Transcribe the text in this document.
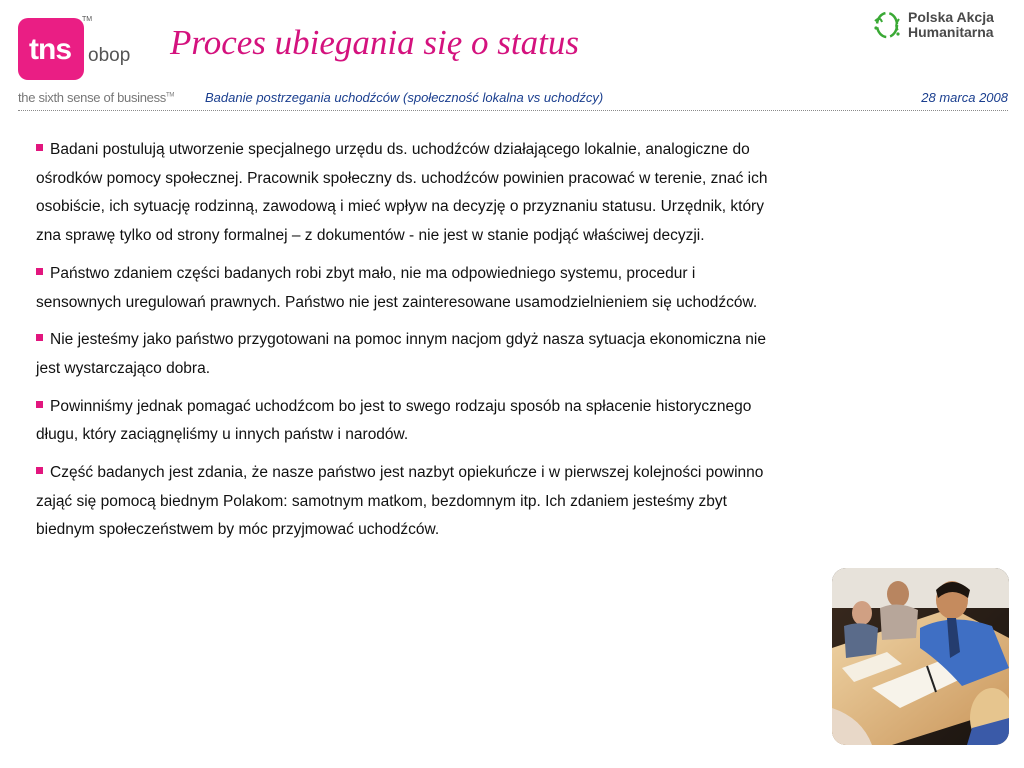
tns
TM
obop
the sixth sense of business™
Proces ubiegania się o status
Polska Akcja
Humanitarna
Badanie postrzegania uchodźców (społeczność lokalna vs uchodźcy)	28 marca 2008

Badani postulują utworzenie specjalnego urzędu ds. uchodźców działającego lokalnie, analogiczne do ośrodków pomocy społecznej. Pracownik społeczny ds. uchodźców powinien pracować w terenie, znać ich osobiście, ich sytuację rodzinną, zawodową i mieć wpływ na decyzję o przyznaniu statusu. Urzędnik, który zna sprawę tylko od strony formalnej – z dokumentów - nie jest w stanie podjąć właściwej decyzji.

Państwo zdaniem części badanych robi zbyt mało, nie ma odpowiedniego systemu, procedur i sensownych uregulowań prawnych. Państwo nie jest zainteresowane usamodzielnieniem się uchodźców.

Nie jesteśmy jako państwo przygotowani na pomoc innym nacjom gdyż nasza sytuacja ekonomiczna nie jest wystarczająco dobra.

Powinniśmy jednak pomagać uchodźcom bo jest to swego rodzaju sposób na spłacenie historycznego długu, który zaciągnęliśmy u innych państw i narodów.

Część badanych jest zdania, że nasze państwo jest nazbyt opiekuńcze i w pierwszej kolejności powinno zająć się pomocą biednym Polakom: samotnym matkom, bezdomnym itp. Ich zdaniem jesteśmy zbyt biednym społeczeństwem by móc przyjmować uchodźców.
